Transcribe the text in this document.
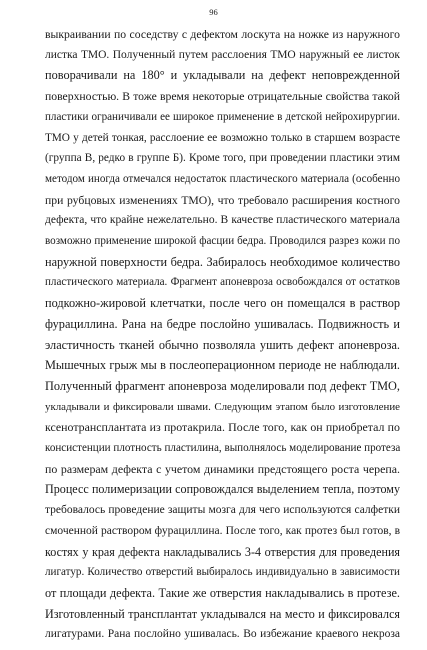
96
выкраивании по соседству с дефектом лоскута на ножке из наружного
листка ТМО. Полученный путем расслоения ТМО наружный ее листок
поворачивали на 180° и укладывали на дефект неповрежденной
поверхностью. В тоже время некоторые отрицательные свойства такой
пластики ограничивали ее широкое применение в детской нейрохирургии.
ТМО у детей тонкая, расслоение ее возможно только в старшем возрасте
(группа В, редко в группе Б). Кроме того, при проведении пластики этим
методом иногда отмечался недостаток пластического материала (особенно
при рубцовых изменениях ТМО), что требовало расширения костного
дефекта, что крайне нежелательно. В качестве пластического материала
возможно применение широкой фасции бедра. Проводился разрез кожи по
наружной поверхности бедра. Забиралось необходимое количество
пластического материала. Фрагмент апоневроза освобождался от остатков
подкожно-жировой клетчатки, после чего он помещался в раствор
фурациллина. Рана на бедре послойно ушивалась. Подвижность и
эластичность тканей обычно позволяла ушить дефект апоневроза.
Мышечных грыж мы в послеоперационном периоде не наблюдали.
Полученный фрагмент апоневроза моделировали под дефект ТМО,
укладывали и фиксировали швами. Следующим этапом было изготовление
ксенотрансплантата из протакрила. После того, как он приобретал по
консистенции плотность пластилина, выполнялось моделирование протеза
по размерам дефекта с учетом динамики предстоящего роста черепа.
Процесс полимеризации сопровождался выделением тепла, поэтому
требовалось проведение защиты мозга для чего используются салфетки
смоченной раствором фурациллина. После того, как протез был готов, в
костях у края дефекта накладывались 3-4 отверстия для проведения
лигатур. Количество отверстий выбиралось индивидуально в зависимости
от площади дефекта. Такие же отверстия накладывались в протезе.
Изготовленный трансплантат укладывался на место и фиксировался
лигатурами. Рана послойно ушивалась. Во избежание краевого некроза
